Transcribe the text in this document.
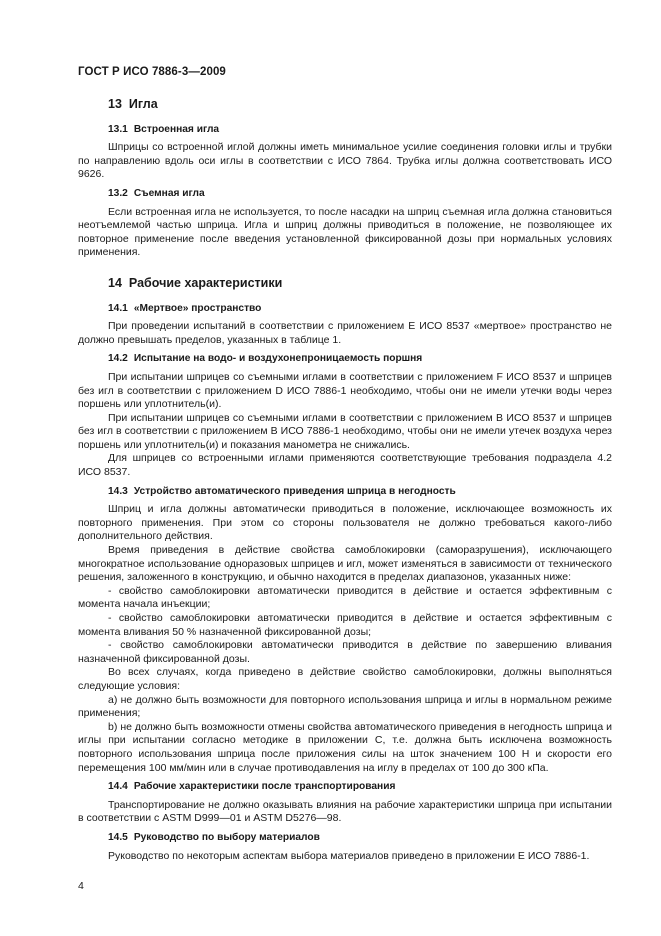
ГОСТ Р ИСО 7886-3—2009
13 Игла
13.1 Встроенная игла
Шприцы со встроенной иглой должны иметь минимальное усилие соединения головки иглы и трубки по направлению вдоль оси иглы в соответствии с ИСО 7864. Трубка иглы должна соответствовать ИСО 9626.
13.2 Съемная игла
Если встроенная игла не используется, то после насадки на шприц съемная игла должна становиться неотъемлемой частью шприца. Игла и шприц должны приводиться в положение, не позволяющее их повторное применение после введения установленной фиксированной дозы при нормальных условиях применения.
14 Рабочие характеристики
14.1 «Мертвое» пространство
При проведении испытаний в соответствии с приложением E ИСО 8537 «мертвое» пространство не должно превышать пределов, указанных в таблице 1.
14.2 Испытание на водо- и воздухонепроницаемость поршня
При испытании шприцев со съемными иглами в соответствии с приложением F ИСО 8537 и шприцев без игл в соответствии с приложением D ИСО 7886-1 необходимо, чтобы они не имели утечки воды через поршень или уплотнитель(и).
При испытании шприцев со съемными иглами в соответствии с приложением B ИСО 8537 и шприцев без игл в соответствии с приложением B ИСО 7886-1 необходимо, чтобы они не имели утечек воздуха через поршень или уплотнитель(и) и показания манометра не снижались.
Для шприцев со встроенными иглами применяются соответствующие требования подраздела 4.2 ИСО 8537.
14.3 Устройство автоматического приведения шприца в негодность
Шприц и игла должны автоматически приводиться в положение, исключающее возможность их повторного применения. При этом со стороны пользователя не должно требоваться какого-либо дополнительного действия.
Время приведения в действие свойства самоблокировки (саморазрушения), исключающего многократное использование одноразовых шприцев и игл, может изменяться в зависимости от технического решения, заложенного в конструкцию, и обычно находится в пределах диапазонов, указанных ниже:
- свойство самоблокировки автоматически приводится в действие и остается эффективным с момента начала инъекции;
- свойство самоблокировки автоматически приводится в действие и остается эффективным с момента вливания 50 % назначенной фиксированной дозы;
- свойство самоблокировки автоматически приводится в действие по завершению вливания назначенной фиксированной дозы.
Во всех случаях, когда приведено в действие свойство самоблокировки, должны выполняться следующие условия:
a) не должно быть возможности для повторного использования шприца и иглы в нормальном режиме применения;
b) не должно быть возможности отмены свойства автоматического приведения в негодность шприца и иглы при испытании согласно методике в приложении C, т.е. должна быть исключена возможность повторного использования шприца после приложения силы на шток значением 100 Н и скорости его перемещения 100 мм/мин или в случае противодавления на иглу в пределах от 100 до 300 кПа.
14.4 Рабочие характеристики после транспортирования
Транспортирование не должно оказывать влияния на рабочие характеристики шприца при испытании в соответствии с ASTM D999—01 и ASTM D5276—98.
14.5 Руководство по выбору материалов
Руководство по некоторым аспектам выбора материалов приведено в приложении E ИСО 7886-1.
4
